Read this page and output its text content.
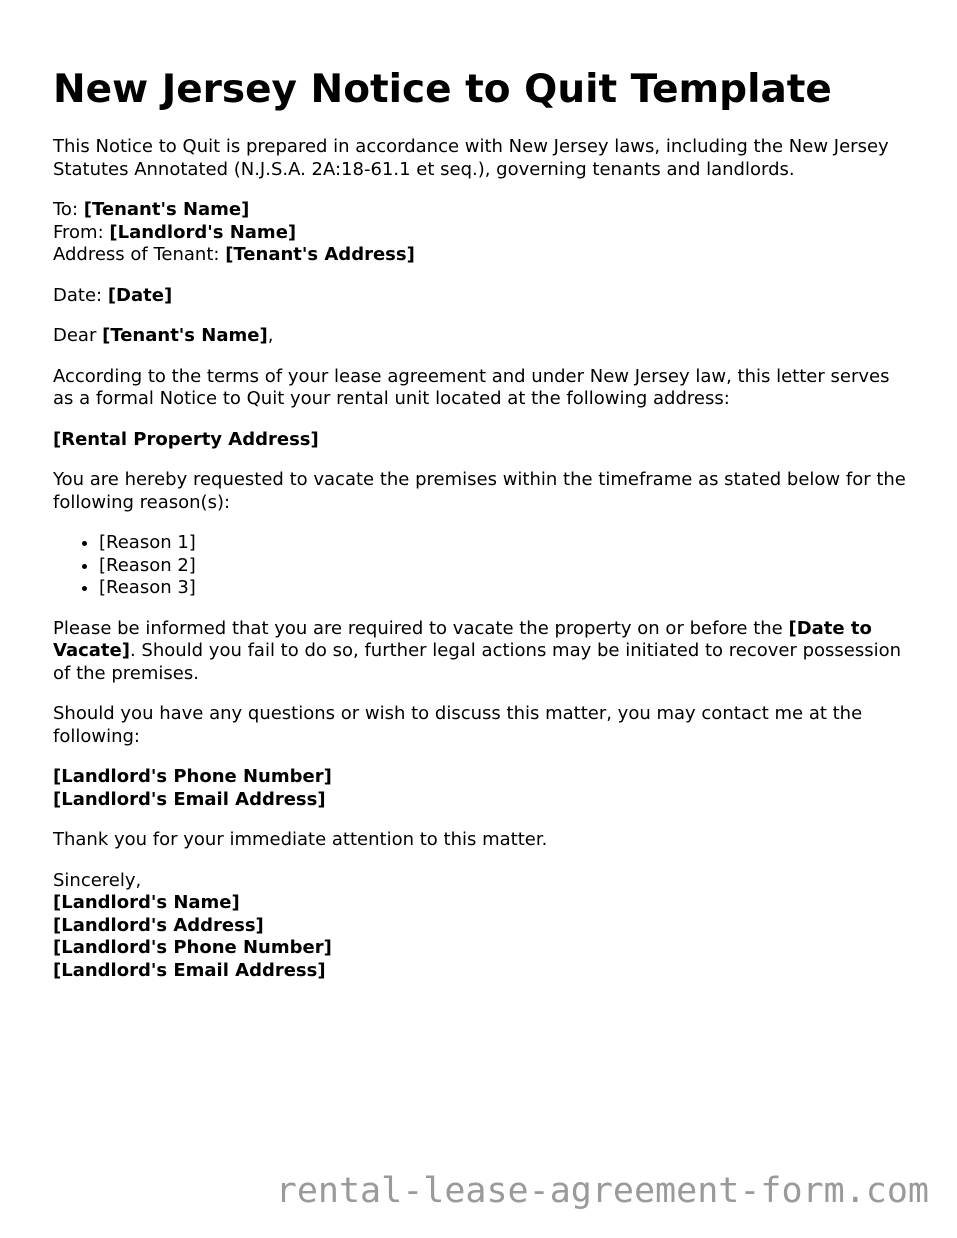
New Jersey Notice to Quit Template

This Notice to Quit is prepared in accordance with New Jersey laws, including the New Jersey Statutes Annotated (N.J.S.A. 2A:18-61.1 et seq.), governing tenants and landlords.

To: [Tenant's Name]
From: [Landlord's Name]
Address of Tenant: [Tenant's Address]

Date: [Date]

Dear [Tenant's Name],

According to the terms of your lease agreement and under New Jersey law, this letter serves as a formal Notice to Quit your rental unit located at the following address:

[Rental Property Address]

You are hereby requested to vacate the premises within the timeframe as stated below for the following reason(s):

• [Reason 1]
• [Reason 2]
• [Reason 3]

Please be informed that you are required to vacate the property on or before the [Date to Vacate]. Should you fail to do so, further legal actions may be initiated to recover possession of the premises.

Should you have any questions or wish to discuss this matter, you may contact me at the following:

[Landlord's Phone Number]
[Landlord's Email Address]

Thank you for your immediate attention to this matter.

Sincerely,
[Landlord's Name]
[Landlord's Address]
[Landlord's Phone Number]
[Landlord's Email Address]

rental-lease-agreement-form.com
